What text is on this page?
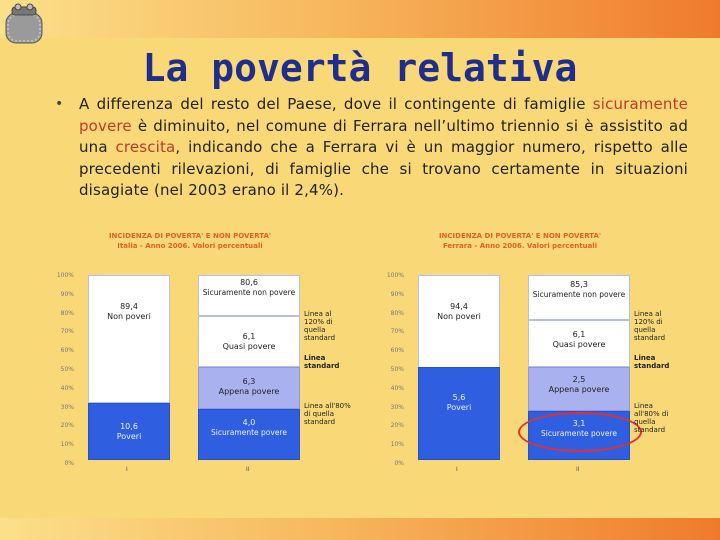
La povertà relativa
• A differenza del resto del Paese, dove il contingente di famiglie sicuramente povere è diminuito, nel comune di Ferrara nell’ultimo triennio si è assistito ad una crescita, indicando che a Ferrara vi è un maggior numero, rispetto alle precedenti rilevazioni, di famiglie che si trovano certamente in situazioni disagiate (nel 2003 erano il 2,4%).

INCIDENZA DI POVERTA' E NON POVERTA'
Italia - Anno 2006. Valori percentuali
100%
90%
80%
70%
60%
50%
40%
30%
20%
10%
0%
89,4
Non poveri
10,6
Poveri
80,6
Sicuramente non povere
6,1
Quasi povere
6,3
Appena povere
4,0
Sicuramente povere
Linea al 120% di quella standard
Linea standard
Linea all'80% di quella standard
I	II
INCIDENZA DI POVERTA' E NON POVERTA'
Ferrara - Anno 2006. Valori percentuali
100%
90%
80%
70%
60%
50%
40%
30%
20%
10%
0%
94,4
Non poveri
5,6
Poveri
85,3
Sicuramente non povere
6,1
Quasi povere
2,5
Appena povere
3,1
Sicuramente povere
Linea al 120% di quella standard
Linea standard
Linea all'80% di quella standard
I	II
